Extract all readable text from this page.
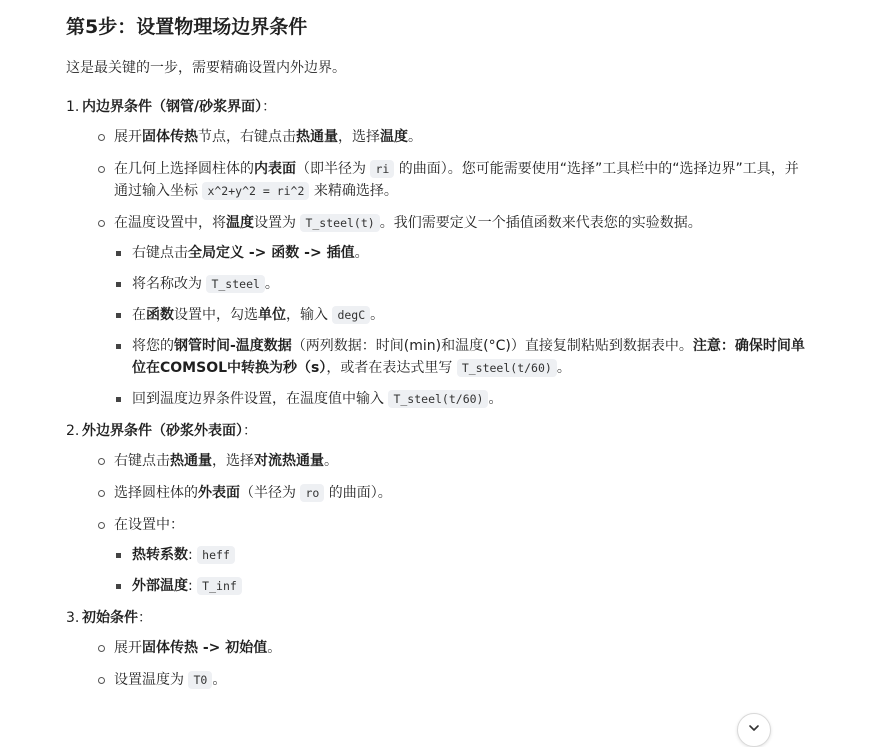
第5步：设置物理场边界条件

这是最关键的一步，需要精确设置内外边界。

1. 内边界条件（钢管/砂浆界面）：
展开固体传热节点，右键点击热通量，选择温度。
在几何上选择圆柱体的内表面（即半径为 ri 的曲面）。您可能需要使用“选择”工具栏中的“选择边界”工具，并通过输入坐标 x^2+y^2 = ri^2 来精确选择。
在温度设置中，将温度设置为 T_steel(t) 。我们需要定义一个插值函数来代表您的实验数据。
右键点击全局定义 -> 函数 -> 插值。
将名称改为 T_steel 。
在函数设置中，勾选单位，输入 degC 。
将您的钢管时间-温度数据（两列数据：时间(min)和温度(°C)）直接复制粘贴到数据表中。注意：确保时间单位在COMSOL中转换为秒（s），或者在表达式里写 T_steel(t/60) 。
回到温度边界条件设置，在温度值中输入 T_steel(t/60) 。
2. 外边界条件（砂浆外表面）：
右键点击热通量，选择对流热通量。
选择圆柱体的外表面（半径为 ro 的曲面）。
在设置中：
热转系数: heff
外部温度: T_inf
3. 初始条件：
展开固体传热 -> 初始值。
设置温度为 T0 。
